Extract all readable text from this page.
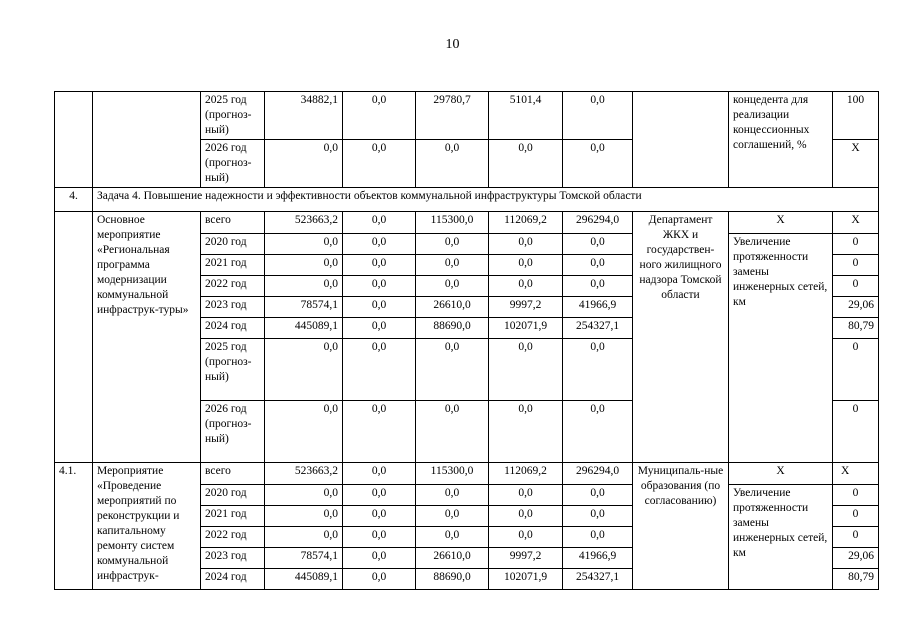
10
		2025 год (прогноз-ный)	34882,1	0,0	29780,7	5101,4	0,0		концедента для реализации концессионных соглашений, %	100
		2026 год (прогноз-ный)	0,0	0,0	0,0	0,0	0,0			Х
4.	Задача 4. Повышение надежности и эффективности объектов коммунальной инфраструктуры Томской области									
	Основное мероприятие «Региональная программа модернизации коммунальной инфраструк-туры»	всего	523663,2	0,0	115300,0	112069,2	296294,0	Департамент ЖКХ и государствен-ного жилищного надзора Томской области	Х	Х
		2020 год	0,0	0,0	0,0	0,0	0,0		Увеличение протяженности замены инженерных сетей, км	0
		2021 год	0,0	0,0	0,0	0,0	0,0			0
		2022 год	0,0	0,0	0,0	0,0	0,0			0
		2023 год	78574,1	0,0	26610,0	9997,2	41966,9			29,06
		2024 год	445089,1	0,0	88690,0	102071,9	254327,1			80,79
		2025 год (прогноз-ный)	0,0	0,0	0,0	0,0	0,0			0
		2026 год (прогноз-ный)	0,0	0,0	0,0	0,0	0,0			0
4.1.	Мероприятие «Проведение мероприятий по реконструкции и капитальному ремонту систем коммунальной инфраструк-	всего	523663,2	0,0	115300,0	112069,2	296294,0	Муниципаль-ные образования (по согласованию)	Х	Х
		2020 год	0,0	0,0	0,0	0,0	0,0		Увеличение протяженности замены инженерных сетей, км	0
		2021 год	0,0	0,0	0,0	0,0	0,0			0
		2022 год	0,0	0,0	0,0	0,0	0,0			0
		2023 год	78574,1	0,0	26610,0	9997,2	41966,9			29,06
		2024 год	445089,1	0,0	88690,0	102071,9	254327,1			80,79
